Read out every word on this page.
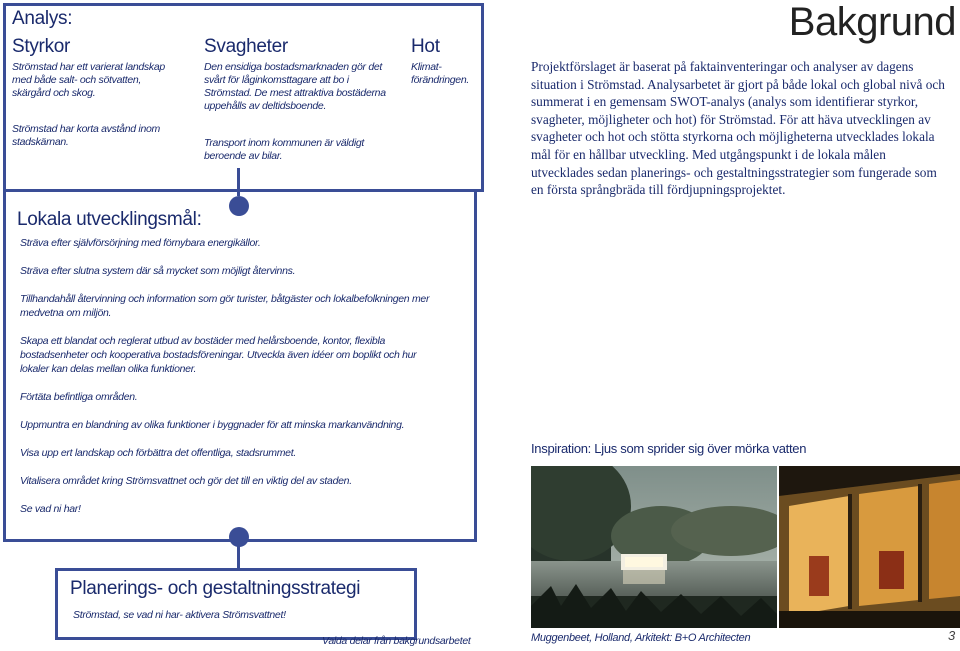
Analys:
Styrkor
Strömstad har ett varierat landskap med både salt- och sötvatten, skärgård och skog.
Strömstad har korta avstånd inom stadskärnan.
Svagheter
Den ensidiga bostadsmarknaden gör det svårt för låginkomsttagare att bo i Strömstad. De mest attraktiva bostäderna uppehålls av deltidsboende.
Transport inom kommunen är väldigt beroende av bilar.
Hot
Klimat-förändringen.
Lokala utvecklingsmål:

Sträva efter självförsörjning med förnybara energikällor.

Sträva efter slutna system där så mycket som möjligt återvinns.

Tillhandahåll återvinning och information som gör turister, båtgäster och lokalbefolkningen mer medvetna om miljön.

Skapa ett blandat och reglerat utbud av bostäder med helårsboende, kontor, flexibla bostadsenheter och kooperativa bostadsföreningar. Utveckla även idéer om boplikt och hur lokaler kan delas mellan olika funktioner.

Förtäta befintliga områden.

Uppmuntra en blandning av olika funktioner i byggnader för att minska markanvändning.

Visa upp ert landskap och förbättra det offentliga, stadsrummet.

Vitalisera området kring Strömsvattnet och gör det till en viktig del av staden.

Se vad ni har!

Planerings- och gestaltningsstrategi
Strömstad, se vad ni har- aktivera Strömsvattnet!
Valda delar från bakgrundsarbetet
Bakgrund

Projektförslaget är baserat på faktainventeringar och analyser av dagens situation i Strömstad. Analysarbetet är gjort på både lokal och global nivå och summerat i en gemensam SWOT-analys (analys som identifierar styrkor, svagheter, möjligheter och hot) för Strömstad. För att häva utvecklingen av svagheter och hot och stötta styrkorna och möjligheterna utvecklades lokala mål för en hållbar utveckling. Med utgångspunkt i de lokala målen utvecklades sedan planerings- och gestaltningsstrategier som fungerade som en första språngbräda till fördjupningsprojektet.

Inspiration: Ljus som sprider sig över mörka vatten
Muggenbeet, Holland, Arkitekt: B+O Architecten	3
